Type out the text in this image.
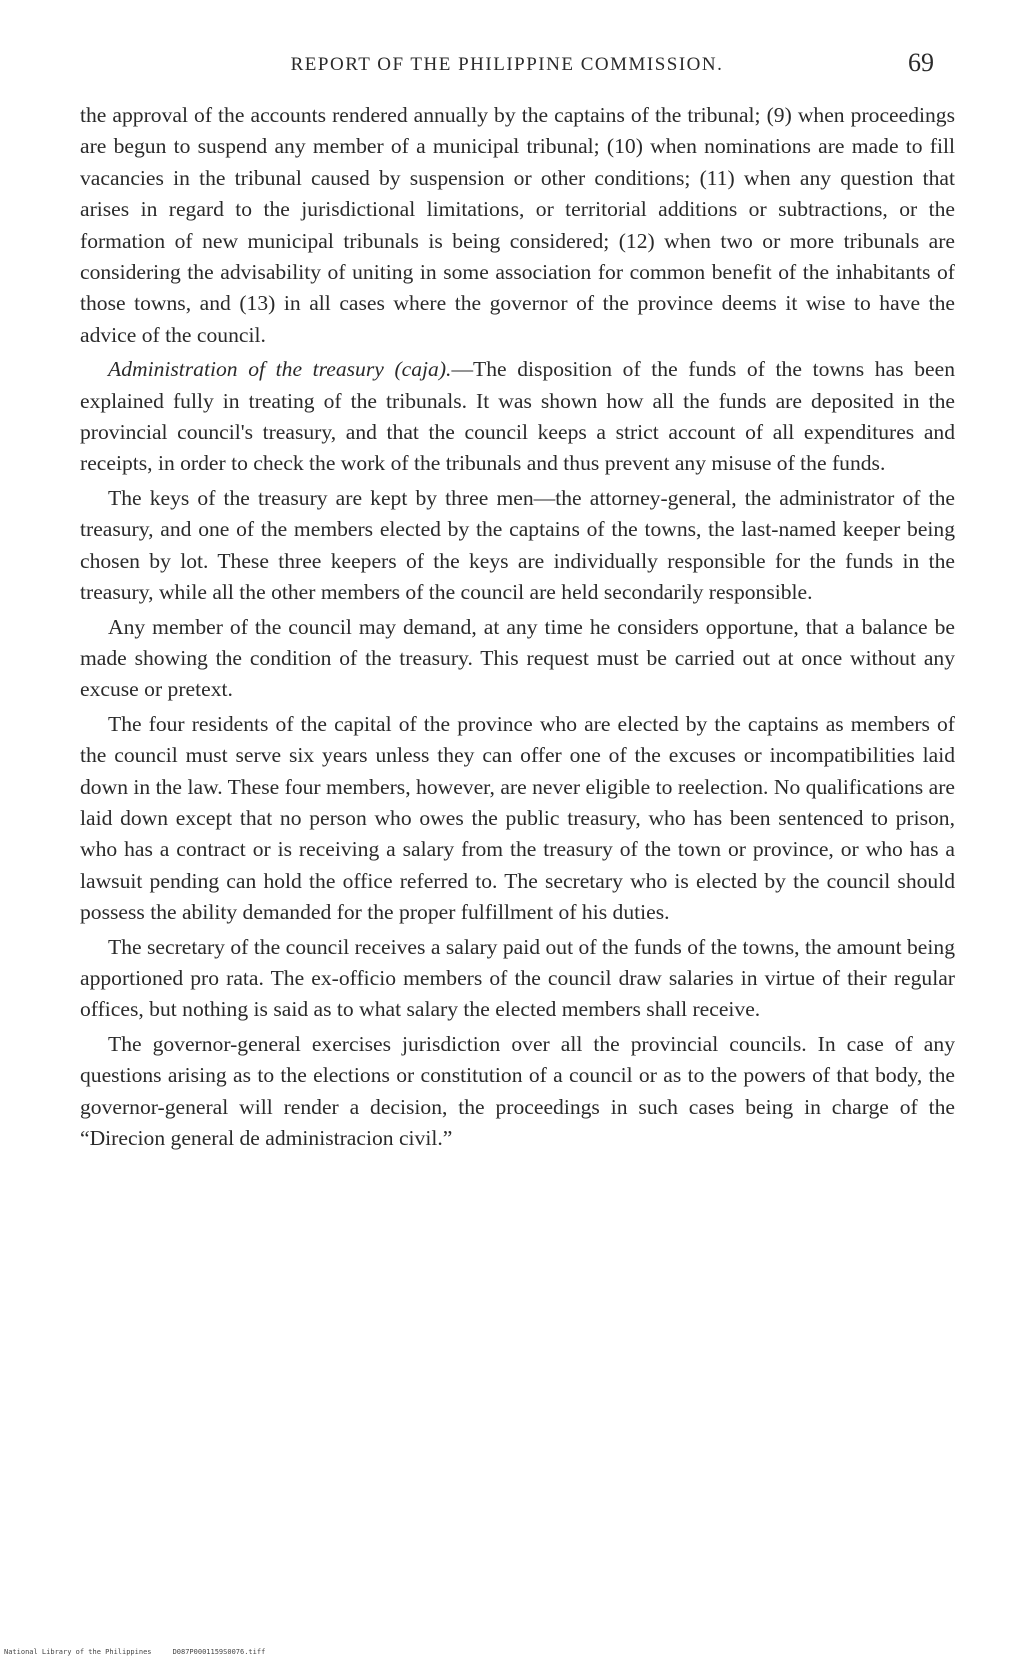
REPORT OF THE PHILIPPINE COMMISSION.	69

the approval of the accounts rendered annually by the captains of the tribunal; (9) when proceedings are begun to suspend any member of a municipal tribunal; (10) when nominations are made to fill vacancies in the tribunal caused by suspension or other conditions; (11) when any question that arises in regard to the jurisdictional limitations, or territorial additions or subtractions, or the formation of new municipal tribunals is being considered; (12) when two or more tribunals are considering the advisability of uniting in some association for common benefit of the inhabitants of those towns, and (13) in all cases where the governor of the province deems it wise to have the advice of the council.

Administration of the treasury (caja).—The disposition of the funds of the towns has been explained fully in treating of the tribunals. It was shown how all the funds are deposited in the provincial council's treasury, and that the council keeps a strict account of all expenditures and receipts, in order to check the work of the tribunals and thus prevent any misuse of the funds.

The keys of the treasury are kept by three men—the attorney-general, the administrator of the treasury, and one of the members elected by the captains of the towns, the last-named keeper being chosen by lot. These three keepers of the keys are individually responsible for the funds in the treasury, while all the other members of the council are held secondarily responsible.

Any member of the council may demand, at any time he considers opportune, that a balance be made showing the condition of the treasury. This request must be carried out at once without any excuse or pretext.

The four residents of the capital of the province who are elected by the captains as members of the council must serve six years unless they can offer one of the excuses or incompatibilities laid down in the law. These four members, however, are never eligible to reelection. No qualifications are laid down except that no person who owes the public treasury, who has been sentenced to prison, who has a contract or is receiving a salary from the treasury of the town or province, or who has a lawsuit pending can hold the office referred to. The secretary who is elected by the council should possess the ability demanded for the proper fulfillment of his duties.

The secretary of the council receives a salary paid out of the funds of the towns, the amount being apportioned pro rata. The ex-officio members of the council draw salaries in virtue of their regular offices, but nothing is said as to what salary the elected members shall receive.

The governor-general exercises jurisdiction over all the provincial councils. In case of any questions arising as to the elections or constitution of a council or as to the powers of that body, the governor-general will render a decision, the proceedings in such cases being in charge of the “Direcion general de administracion civil.”

National Library of the Philippines     D087P0001159S0076.tiff
